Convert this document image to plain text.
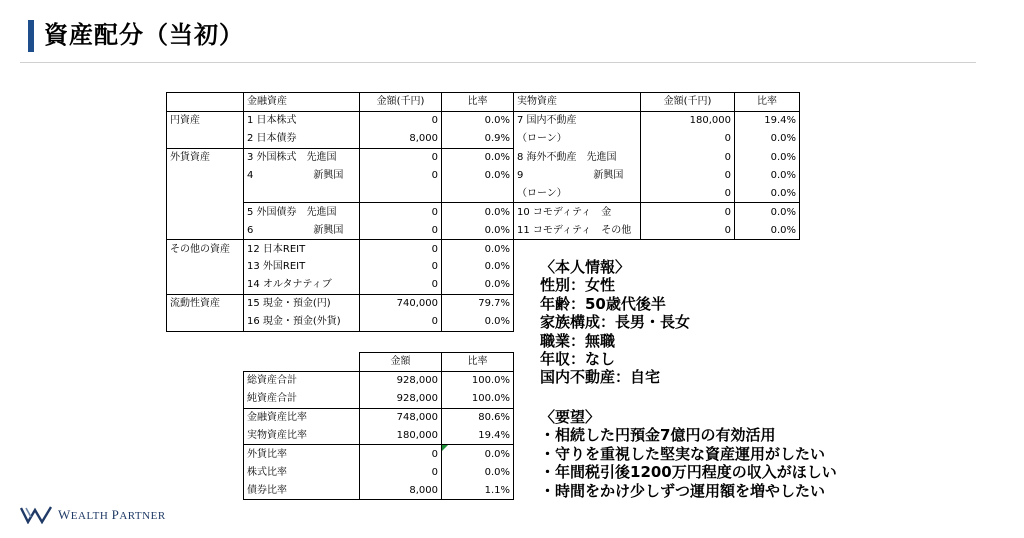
資産配分（当初）
	金融資産	金額(千円)	比率	実物資産	金額(千円)	比率
円資産	1 日本株式	0	0.0%	7 国内不動産	180,000	19.4%
	2 日本債券	8,000	0.9%	（ローン）	0	0.0%
外貨資産	3 外国株式　先進国	0	0.0%	8 海外不動産　先進国	0	0.0%
	4　　　　　　新興国	0	0.0%	9　　　　　　　新興国	0	0.0%
				（ローン）	0	0.0%
	5 外国債券　先進国	0	0.0%	10 コモディティ　金	0	0.0%
	6　　　　　　新興国	0	0.0%	11 コモディティ　その他	0	0.0%
その他の資産	12 日本REIT	0	0.0%			
	13 外国REIT	0	0.0%			
	14 オルタナティブ	0	0.0%			
流動性資産	15 現金・預金(円)	740,000	79.7%			
	16 現金・預金(外貨)	0	0.0%			
	金額	比率
総資産合計	928,000	100.0%
純資産合計	928,000	100.0%
金融資産比率	748,000	80.6%
実物資産比率	180,000	19.4%
外貨比率	0	0.0%
株式比率	0	0.0%
債券比率	8,000	1.1%
〈本人情報〉
性別：女性
年齢：50歳代後半
家族構成：長男・長女
職業：無職
年収：なし
国内不動産：自宅
〈要望〉
・相続した円預金7億円の有効活用
・守りを重視した堅実な資産運用がしたい
・年間税引後1200万円程度の収入がほしい
・時間をかけ少しずつ運用額を増やしたい
WEALTH PARTNER
